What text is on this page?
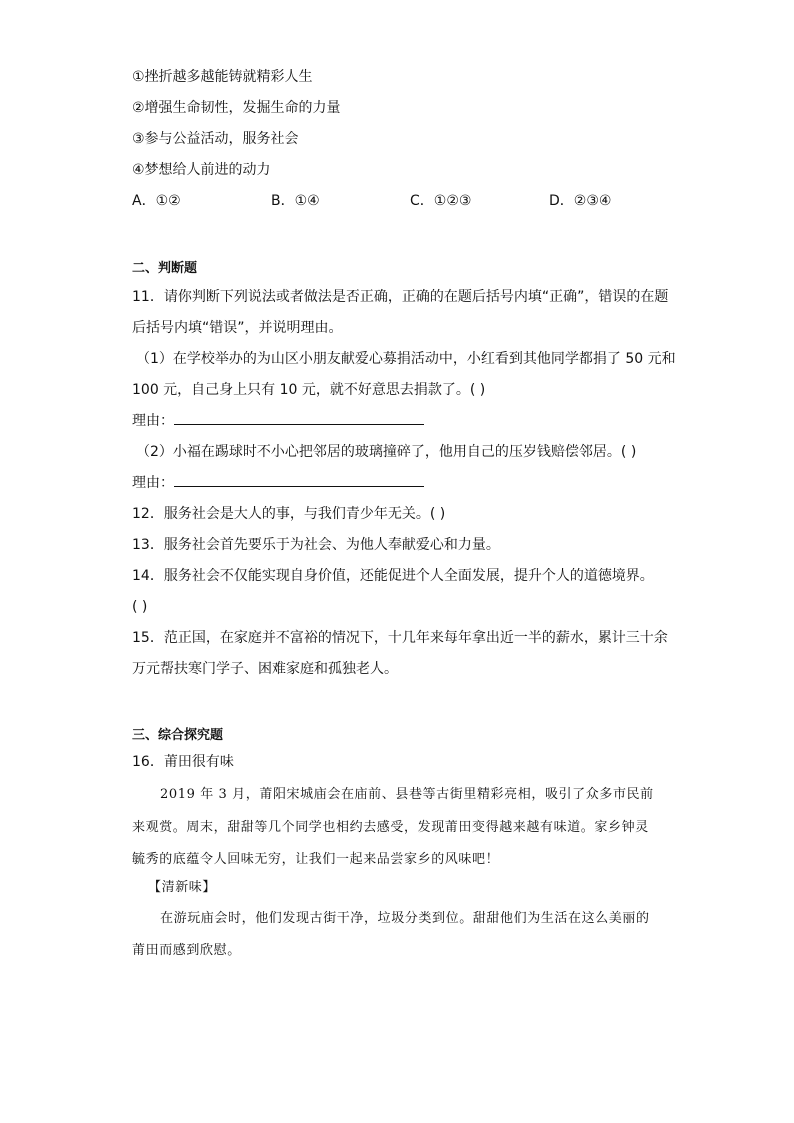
①挫折越多越能铸就精彩人生
②增强生命韧性，发掘生命的力量
③参与公益活动，服务社会
④梦想给人前进的动力
A．①②	B．①④	C．①②③	D．②③④
二、判断题
11．请你判断下列说法或者做法是否正确，正确的在题后括号内填“正确”，错误的在题
后括号内填“错误”，并说明理由。
（1）在学校举办的为山区小朋友献爱心募捐活动中，小红看到其他同学都捐了 50 元和
100 元，自己身上只有 10 元，就不好意思去捐款了。( )
理由：
（2）小福在踢球时不小心把邻居的玻璃撞碎了，他用自己的压岁钱赔偿邻居。( )
理由：
12．服务社会是大人的事，与我们青少年无关。( )
13．服务社会首先要乐于为社会、为他人奉献爱心和力量。
14．服务社会不仅能实现自身价值，还能促进个人全面发展，提升个人的道德境界。
( )
15．范正国，在家庭并不富裕的情况下，十几年来每年拿出近一半的薪水，累计三十余
万元帮扶寒门学子、困难家庭和孤独老人。
三、综合探究题
16．莆田很有味
2019 年 3 月，莆阳宋城庙会在庙前、县巷等古街里精彩亮相，吸引了众多市民前
来观赏。周末，甜甜等几个同学也相约去感受，发现莆田变得越来越有味道。家乡钟灵
毓秀的底蕴令人回味无穷，让我们一起来品尝家乡的风味吧！
【清新味】
在游玩庙会时，他们发现古街干净，垃圾分类到位。甜甜他们为生活在这么美丽的
莆田而感到欣慰。
